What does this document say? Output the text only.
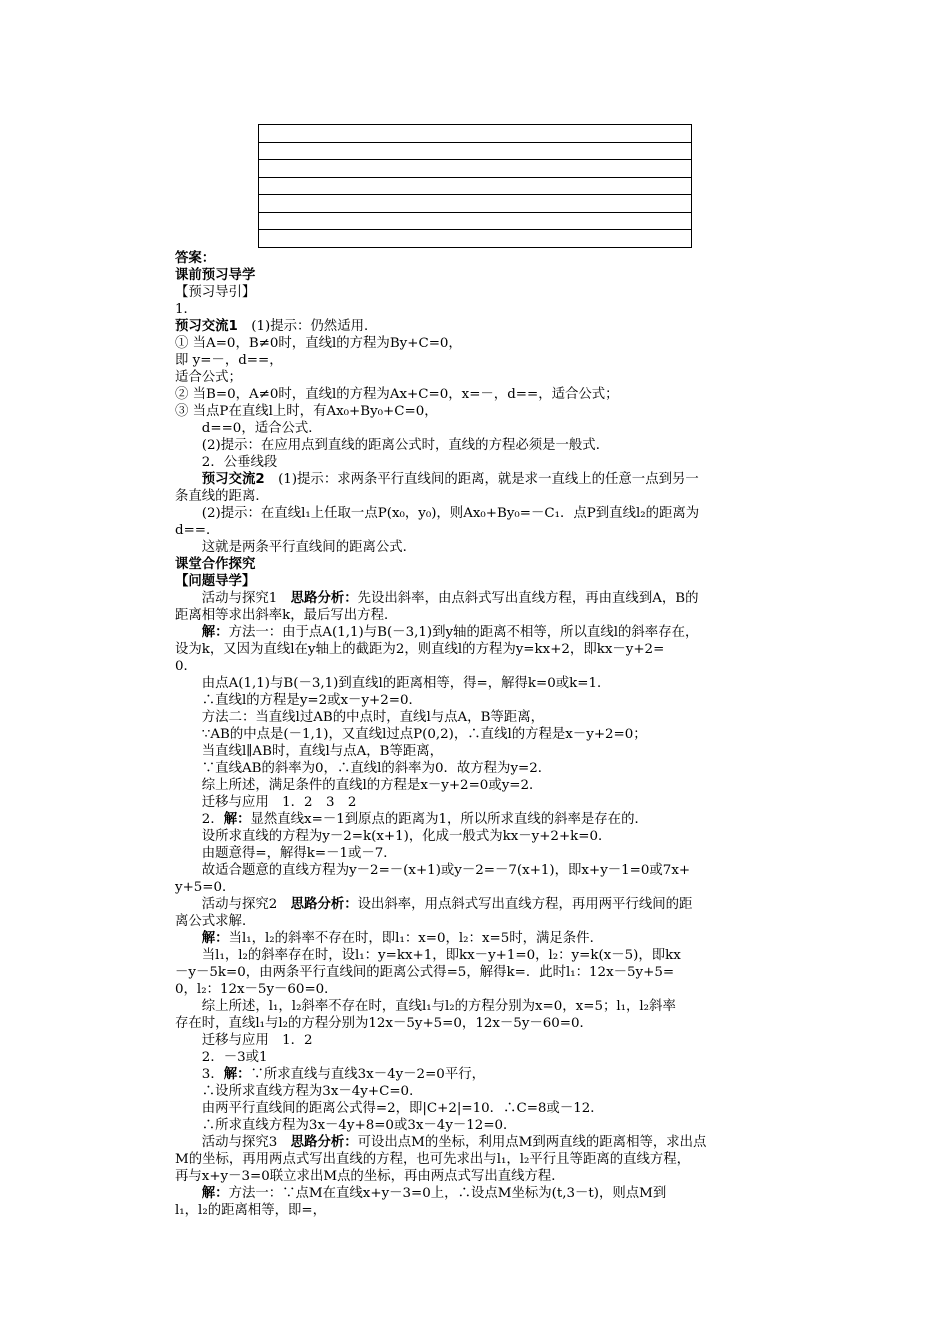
答案：
课前预习导学
【预习导引】
1．
预习交流1　(1)提示：仍然适用．
① 当A=0，B≠0时，直线l的方程为By+C=0，
即 y=－，d==，
适合公式；
② 当B=0，A≠0时，直线l的方程为Ax+C=0，x=－，d==，适合公式；
③ 当点P在直线l上时，有Ax₀+By₀+C=0，
d==0，适合公式．
(2)提示：在应用点到直线的距离公式时，直线的方程必须是一般式．
2．公垂线段
预习交流2　(1)提示：求两条平行直线间的距离，就是求一直线上的任意一点到另一
条直线的距离．
(2)提示：在直线l₁上任取一点P(x₀，y₀)，则Ax₀+By₀=－C₁．点P到直线l₂的距离为
d==．
这就是两条平行直线间的距离公式．
课堂合作探究
【问题导学】
活动与探究1　思路分析：先设出斜率，由点斜式写出直线方程，再由直线到A，B的
距离相等求出斜率k，最后写出方程．
解：方法一：由于点A(1,1)与B(－3,1)到y轴的距离不相等，所以直线l的斜率存在，
设为k，又因为直线l在y轴上的截距为2，则直线l的方程为y=kx+2，即kx－y+2=
0．
由点A(1,1)与B(－3,1)到直线l的距离相等，得=，解得k=0或k=1．
∴直线l的方程是y=2或x－y+2=0．
方法二：当直线l过AB的中点时，直线l与点A，B等距离，
∵AB的中点是(－1,1)，又直线l过点P(0,2)，∴直线l的方程是x－y+2=0；
当直线l∥AB时，直线l与点A，B等距离，
∵直线AB的斜率为0，∴直线l的斜率为0．故方程为y=2．
综上所述，满足条件的直线l的方程是x－y+2=0或y=2．
迁移与应用　1．2　3　2
2．解：显然直线x=－1到原点的距离为1，所以所求直线的斜率是存在的．
设所求直线的方程为y－2=k(x+1)，化成一般式为kx－y+2+k=0．
由题意得=，解得k=－1或－7．
故适合题意的直线方程为y－2=－(x+1)或y－2=－7(x+1)，即x+y－1=0或7x+
y+5=0．
活动与探究2　思路分析：设出斜率，用点斜式写出直线方程，再用两平行线间的距
离公式求解．
解：当l₁，l₂的斜率不存在时，即l₁：x=0，l₂：x=5时，满足条件．
当l₁，l₂的斜率存在时，设l₁：y=kx+1，即kx－y+1=0，l₂：y=k(x－5)，即kx
－y－5k=0，由两条平行直线间的距离公式得=5，解得k=．此时l₁：12x－5y+5=
0，l₂：12x－5y－60=0．
综上所述，l₁，l₂斜率不存在时，直线l₁与l₂的方程分别为x=0，x=5；l₁，l₂斜率
存在时，直线l₁与l₂的方程分别为12x－5y+5=0，12x－5y－60=0．
迁移与应用　1．2
2．－3或1
3．解：∵所求直线与直线3x－4y－2=0平行，
∴设所求直线方程为3x－4y+C=0．
由两平行直线间的距离公式得=2，即|C+2|=10．∴C=8或－12．
∴所求直线方程为3x－4y+8=0或3x－4y－12=0．
活动与探究3　思路分析：可设出点M的坐标，利用点M到两直线的距离相等，求出点
M的坐标，再用两点式写出直线的方程，也可先求出与l₁，l₂平行且等距离的直线方程，
再与x+y－3=0联立求出M点的坐标，再由两点式写出直线方程．
解：方法一：∵点M在直线x+y－3=0上，∴设点M坐标为(t,3－t)，则点M到
l₁，l₂的距离相等，即=，
